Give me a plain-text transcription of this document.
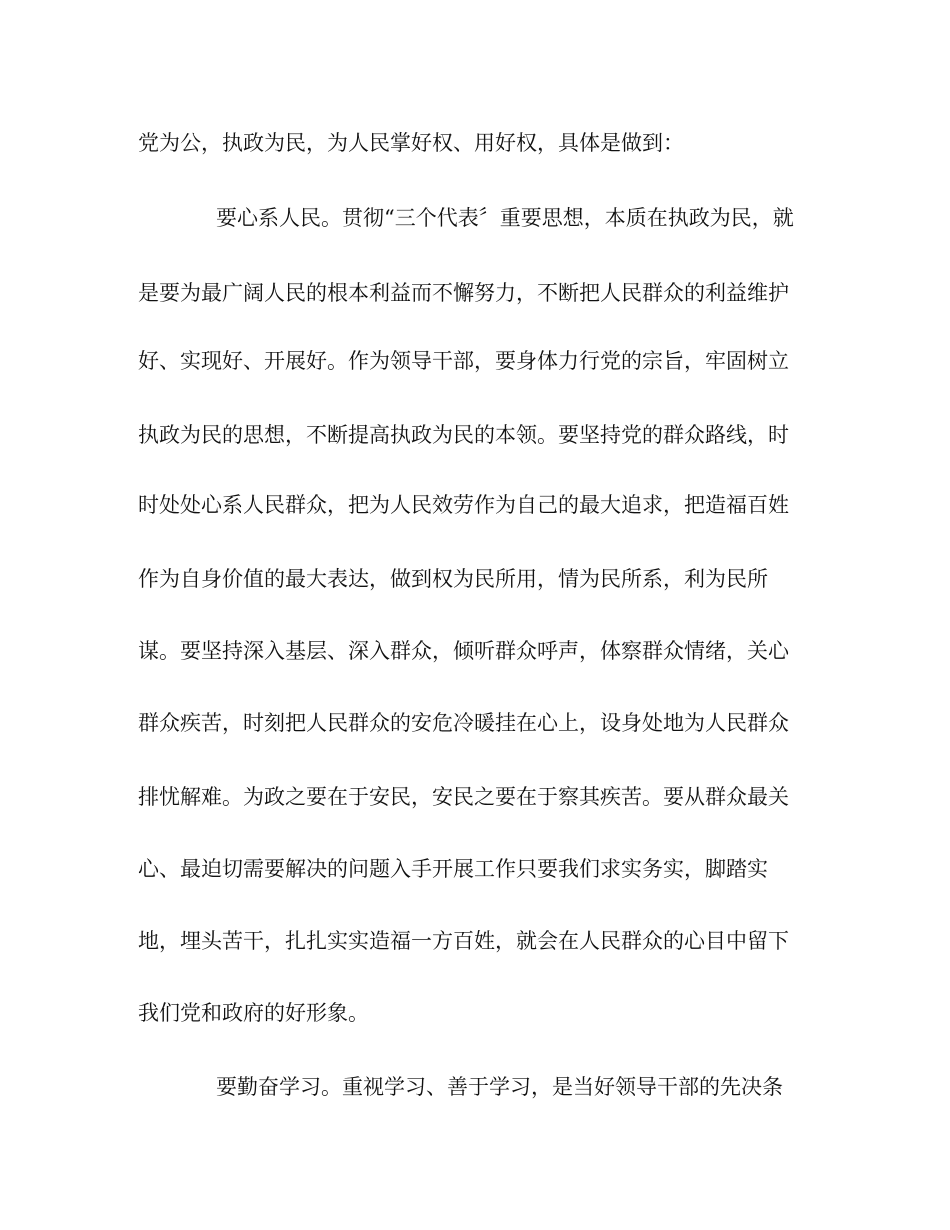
党为公，执政为民，为人民掌好权、用好权，具体是做到：
要心系人民。贯彻“三个代表〞重要思想，本质在执政为民，就
是要为最广阔人民的根本利益而不懈努力，不断把人民群众的利益维护
好、实现好、开展好。作为领导干部，要身体力行党的宗旨，牢固树立
执政为民的思想，不断提高执政为民的本领。要坚持党的群众路线，时
时处处心系人民群众，把为人民效劳作为自己的最大追求，把造福百姓
作为自身价值的最大表达，做到权为民所用，情为民所系，利为民所
谋。要坚持深入基层、深入群众，倾听群众呼声，体察群众情绪，关心
群众疾苦，时刻把人民群众的安危冷暖挂在心上，设身处地为人民群众
排忧解难。为政之要在于安民，安民之要在于察其疾苦。要从群众最关
心、最迫切需要解决的问题入手开展工作只要我们求实务实，脚踏实
地，埋头苦干，扎扎实实造福一方百姓，就会在人民群众的心目中留下
我们党和政府的好形象。
要勤奋学习。重视学习、善于学习，是当好领导干部的先决条
